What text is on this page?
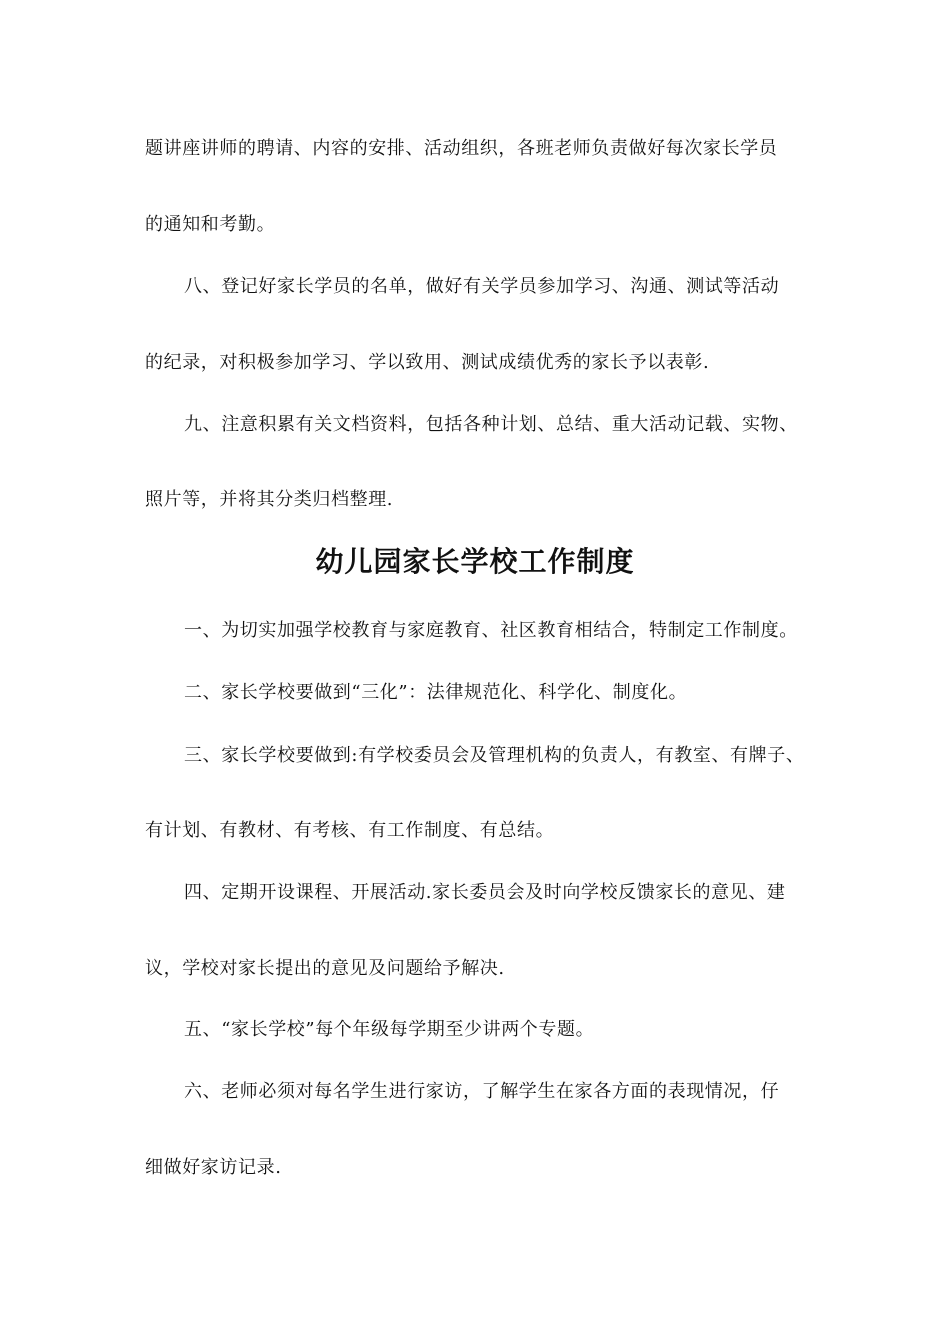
题讲座讲师的聘请、内容的安排、活动组织，各班老师负责做好每次家长学员
的通知和考勤。
八、登记好家长学员的名单，做好有关学员参加学习、沟通、测试等活动
的纪录，对积极参加学习、学以致用、测试成绩优秀的家长予以表彰.
九、注意积累有关文档资料，包括各种计划、总结、重大活动记载、实物、
照片等，并将其分类归档整理.
幼儿园家长学校工作制度
一、为切实加强学校教育与家庭教育、社区教育相结合，特制定工作制度。
二、家长学校要做到“三化”：法律规范化、科学化、制度化。
三、家长学校要做到:有学校委员会及管理机构的负责人，有教室、有牌子、
有计划、有教材、有考核、有工作制度、有总结。
四、定期开设课程、开展活动.家长委员会及时向学校反馈家长的意见、建
议，学校对家长提出的意见及问题给予解决.
五、“家长学校”每个年级每学期至少讲两个专题。
六、老师必须对每名学生进行家访，了解学生在家各方面的表现情况，仔
细做好家访记录.
